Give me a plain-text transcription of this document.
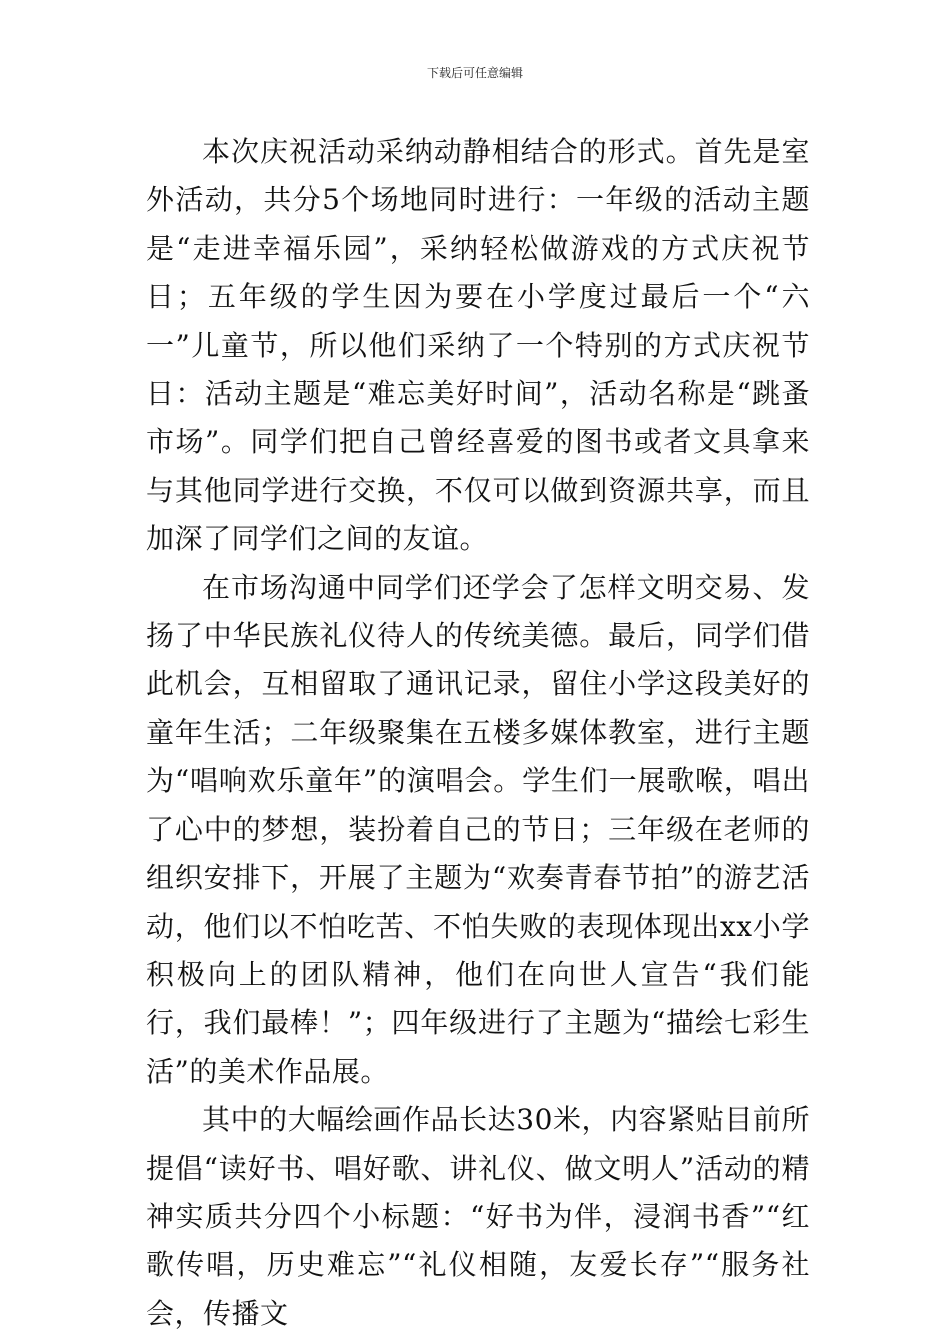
下载后可任意编辑

本次庆祝活动采纳动静相结合的形式。首先是室外活动，共分5个场地同时进行：一年级的活动主题是“走进幸福乐园”，采纳轻松做游戏的方式庆祝节日；五年级的学生因为要在小学度过最后一个“六一”儿童节，所以他们采纳了一个特别的方式庆祝节日：活动主题是“难忘美好时间”，活动名称是“跳蚤市场”。同学们把自己曾经喜爱的图书或者文具拿来与其他同学进行交换，不仅可以做到资源共享，而且加深了同学们之间的友谊。

在市场沟通中同学们还学会了怎样文明交易、发扬了中华民族礼仪待人的传统美德。最后，同学们借此机会，互相留取了通讯记录，留住小学这段美好的童年生活；二年级聚集在五楼多媒体教室，进行主题为“唱响欢乐童年”的演唱会。学生们一展歌喉，唱出了心中的梦想，装扮着自己的节日；三年级在老师的组织安排下，开展了主题为“欢奏青春节拍”的游艺活动，他们以不怕吃苦、不怕失败的表现体现出xx小学积极向上的团队精神，他们在向世人宣告“我们能行，我们最棒！”；四年级进行了主题为“描绘七彩生活”的美术作品展。

其中的大幅绘画作品长达30米，内容紧贴目前所提倡“读好书、唱好歌、讲礼仪、做文明人”活动的精神实质共分四个小标题：“好书为伴，浸润书香”“红歌传唱，历史难忘”“礼仪相随，友爱长存”“服务社会，传播文
